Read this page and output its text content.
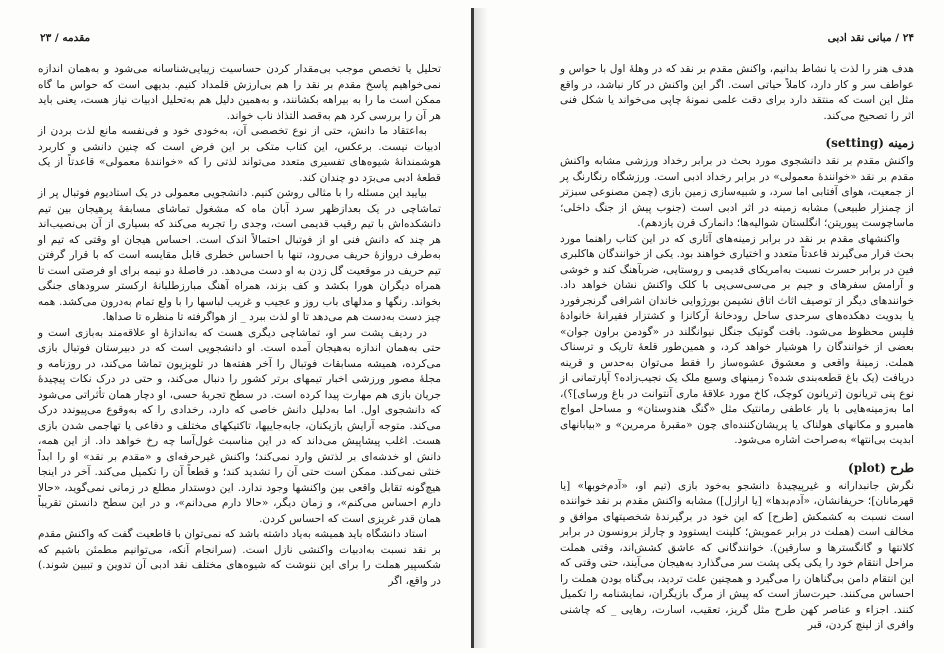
مقدمه / ۲۳

تحلیل یا تخصص موجب بی‌مقدار کردن حساسیت زیبایی‌شناسانه می‌شود و به‌همان اندازه نمی‌خواهیم پاسخ مقدم بر نقد را هم بی‌ارزش قلمداد کنیم. بدیهی است که حواس ما گاه ممکن است ما را به بیراهه بکشانند، و به‌همین دلیل هم به‌تحلیل ادبیات نیاز هست، یعنی باید هر آن را بررسی کرد هم به‌قصد التذاذ ناب خواند.

به‌اعتقاد ما دانش، حتی از نوع تخصصی آن، به‌خودی خود و فی‌نفسه مانع لذت بردن از ادبیات نیست. برعکس، این کتاب متکی بر این فرض است که چنین دانشی و کاربرد هوشمندانهٔ شیوه‌های تفسیری متعدد می‌تواند لذتی را که «خوانندهٔ معمولی» قاعدتاً از یک قطعهٔ ادبی می‌برَد دو چندان کند.

بیایید این مسئله را با مثالی روشن کنیم. دانشجویی معمولی در یک استادیوم فوتبال پر از تماشاچی در یک بعدازظهر سرد آبان ماه که مشغول تماشای مسابقهٔ پرهیجان بین تیم دانشکده‌اش با تیم رقیب قدیمی است، وجدی را تجربه می‌کند که بسیاری از آن بی‌نصیب‌اند هر چند که دانش فنی او از فوتبال احتمالاً اندک است. احساس هیجان او وقتی که تیم او به‌طرف دروازهٔ حریف می‌رود، تنها با احساس خطری قابل مقایسه است که با قرار گرفتن تیم حریف در موقعیت گل زدن به او دست می‌دهد. در فاصلهٔ دو نیمه برای او فرصتی است تا همراه دیگران هورا بکشد و کف بزند، همراه آهنگ مبارزطلبانهٔ ارکستر سرودهای جنگی بخواند. رنگها و مدلهای باب روز و عجیب و غریب لباسها را با ولع تمام به‌درون می‌کشد. همه چیز دست به‌دست هم می‌دهد تا او لذت ببرد _ از هواگرفته تا منظره تا صداها.

در ردیف پشت سر او، تماشاچی دیگری هست که به‌اندازهٔ او علاقه‌مند به‌بازی است و حتی به‌همان اندازه به‌هیجان آمده است. او دانشجویی است که در دبیرستان فوتبال بازی می‌کرده، همیشه مسابقات فوتبال را آخر هفته‌ها در تلویزیون تماشا می‌کند، در روزنامه و مجلهٔ مصور ورزشی اخبار تیمهای برتر کشور را دنبال می‌کند، و حتی در درک نکات پیچیدهٔ جریان بازی هم مهارت پیدا کرده است. در سطح تجربهٔ حسی، او دچار همان تأثراتی می‌شود که دانشجوی اول. اما به‌دلیل دانش خاصی که دارد، رخدادی را که به‌وقوع می‌پیوندد درک می‌کند. متوجه آرایش بازیکنان، جابه‌جاییها، تاکتیکهای مختلف و دفاعی یا تهاجمی شدن بازی هست. اغلب پیشاپیش می‌داند که در این مناسبت غول‌آسا چه رخ خواهد داد. از این همه، دانش او خدشه‌ای بر لذتش وارد نمی‌کند؛ واکنش غیرحرفه‌ای و «مقدم بر نقد» او را ابداً خنثی نمی‌کند. ممکن است حتی آن را تشدید کند؛ و قطعاً آن را تکمیل می‌کند. آخر در اینجا هیچ‌گونه تقابل واقعی بین واکنشها وجود ندارد. این دوستدار مطلع در زمانی نمی‌گوید، «حالا دارم احساس می‌کنم»، و زمان دیگر، «حالا دارم می‌دانم»، و در این سطح دانستن تقریباً همان قدر غریزی است که احساس کردن.

استاد دانشگاه باید همیشه به‌یاد داشته باشد که نمی‌توان با قاطعیت گفت که واکنش مقدم بر نقد نسبت به‌ادبیات واکنشی نازل است. (سرانجام آنکه، می‌توانیم مطمئن باشیم که شکسپیر هملت را برای این ننوشت که شیوه‌های مختلف نقد ادبی آن تدوین و تبیین شوند.) در واقع، اگر

۲۴ / مبانی نقد ادبی

هدف هنر را لذت یا نشاط بدانیم، واکنش مقدم بر نقد که در وهلهٔ اول با حواس و عواطف سر و کار دارد، کاملاً حیاتی است. اگر این واکنش در کار نباشد، در واقع مثل این است که منتقد دارد برای دقت علمی نمونهٔ چاپی می‌خواند یا شکل فنی اثر را تصحیح می‌کند.

زمینه (setting)

واکنش مقدم بر نقد دانشجوی مورد بحث در برابر رخداد ورزشی مشابه واکنش مقدم بر نقد «خوانندهٔ معمولی» در برابر رخداد ادبی است. ورزشگاه رنگارنگ پر از جمعیت، هوای آفتابی اما سرد، و شبیه‌سازی زمین بازی (چمن مصنوعی سبزتر از چمنزار طبیعی) مشابه زمینه در اثر ادبی است (جنوب پیش از جنگ داخلی؛ ماساچوست پیوریتن؛ انگلستان شوالیه‌ها؛ دانمارک قرن یازدهم).

واکنشهای مقدم بر نقد در برابر زمینه‌های آثاری که در این کتاب راهنما مورد بحث قرار می‌گیرند قاعدتاً متعدد و اختیاری خواهند بود. یکی از خوانندگان هاکلبری فین در برابر حسرت نسبت به‌امریکای قدیمی و روستایی، ضربآهنگ کند و خوشی و آرامش سفرهای و جیم بر می‌سی‌سی‌پی با کلک واکنش نشان خواهد داد. خوانندهای دیگر از توصیف اثاث اتاق نشیمن بورژوایی خاندان اشرافی گرنجرفورد یا بدویت دهکده‌های سرحدی ساحل رودخانهٔ آرکانزا و کشتزار فقیرانهٔ خانوادهٔ فلپس محظوظ می‌شود. بافت گوتیک جنگل نیوانگلند در «گودمن براون جوان» بعضی از خوانندگان را هوشیار خواهد کرد، و همین‌طور قلعهٔ تاریک و ترسناک هملت. زمینهٔ واقعی و معشوق عشوه‌ساز را فقط می‌توان به‌حدس و قرینه دریافت (یک باغ قطعه‌بندی شده؟ زمینهای وسیع ملک یک نجیب‌زاده؟ آپارتمانی از نوع پنی تریانون [تریانون کوچک، کاخ مورد علاقهٔ ماری آنتوانت در باغ ورسای]؟)، اما به‌زمینه‌هایی با یار عاطفی رمانتیک مثل «گنگ هندوستان» و مساحل امواج هامبرو و مکانهای هولناک یا پریشان‌کننده‌ای چون «مقبرهٔ مرمرین» و «بیابانهای ابدیت بی‌انتها» به‌صراحت اشاره می‌شود.

طرح (plot)

نگرش جانبدارانه و غیرپیچیدهٔ دانشجو به‌خود بازی (تیم او، «آدم‌خوبها» [یا قهرمانان]؛ حریفانشان، «آدم‌بدها» [یا ارازل]) مشابه واکنش مقدم بر نقد خواننده است نسبت به کشمکش [طرح] که این خود در برگیرندهٔ شخصیتهای موافق و مخالف است (هملت در برابر عمویش؛ کلینت ایستوود و چارلز برونسون در برابر کلانتها و گانگسترها و سارقین). خوانندگانی که عاشق کشش‌اند، وقتی هملت مراحل انتقام خود را یکی یکی پشت سر می‌گذارد به‌هیجان می‌آیند، حتی وقتی که این انتقام دامن بی‌گناهان را می‌گیرد و همچنین علت تردید، بی‌گناه بودن هملت را احساس می‌کنند. حیرت‌ساز است که پیش از مرگ بازیگران، نمایشنامه را تکمیل کنند. اجزاء و عناصر کهن طرح مثل گریز، تعقیب، اسارت، رهایی _ که چاشنی وافری از لینچ کردن، قبر
